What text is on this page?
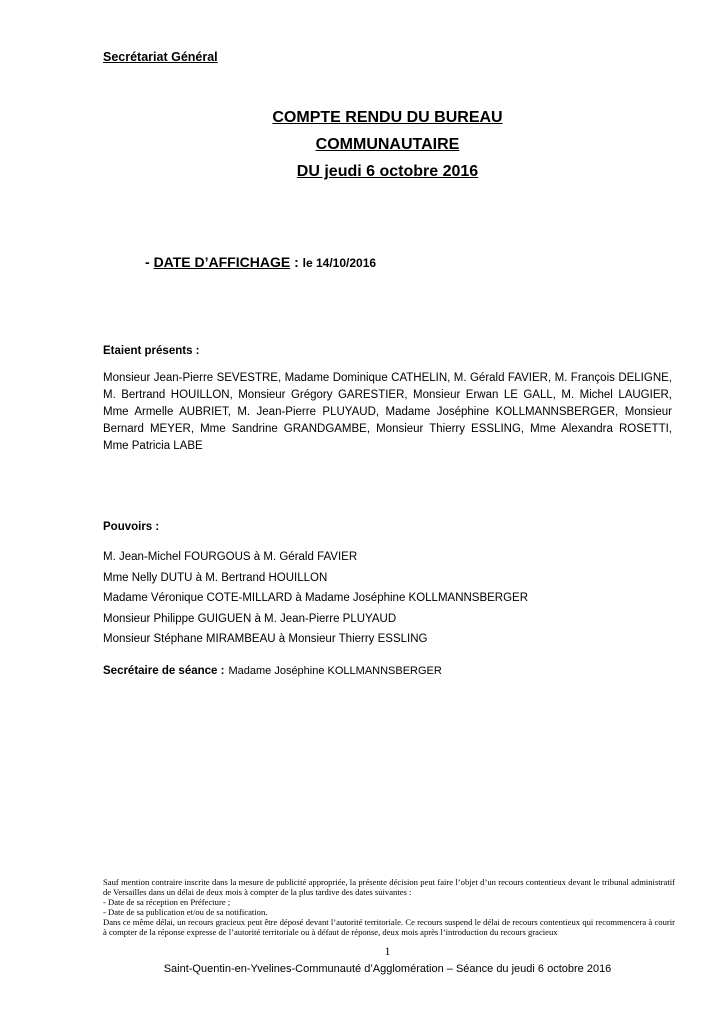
Secrétariat Général
COMPTE RENDU DU BUREAU
COMMUNAUTAIRE
DU jeudi 6 octobre 2016
- DATE D’AFFICHAGE : le 14/10/2016
Etaient présents :
Monsieur Jean-Pierre SEVESTRE, Madame Dominique CATHELIN, M. Gérald FAVIER, M. François DELIGNE, M. Bertrand HOUILLON, Monsieur Grégory GARESTIER, Monsieur Erwan LE GALL, M. Michel LAUGIER, Mme Armelle AUBRIET, M. Jean-Pierre PLUYAUD, Madame Joséphine KOLLMANNSBERGER, Monsieur Bernard MEYER, Mme Sandrine GRANDGAMBE, Monsieur Thierry ESSLING, Mme Alexandra ROSETTI, Mme Patricia LABE
Pouvoirs :
M. Jean-Michel FOURGOUS à M. Gérald FAVIER
Mme Nelly DUTU à M. Bertrand HOUILLON
Madame Véronique COTE-MILLARD à Madame Joséphine KOLLMANNSBERGER
Monsieur Philippe GUIGUEN à M. Jean-Pierre PLUYAUD
Monsieur Stéphane MIRAMBEAU à Monsieur Thierry ESSLING
Secrétaire de séance : Madame Joséphine KOLLMANNSBERGER
Sauf mention contraire inscrite dans la mesure de publicité appropriée, la présente décision peut faire l’objet d’un recours contentieux devant le tribunal administratif de Versailles dans un délai de deux mois à compter de la plus tardive des dates suivantes :
- Date de sa réception en Préfecture ;
- Date de sa publication et/ou de sa notification.
Dans ce même délai, un recours gracieux peut être déposé devant l’autorité territoriale. Ce recours suspend le délai de recours contentieux qui recommencera à courir à compter de la réponse expresse de l’autorité territoriale ou à défaut de réponse, deux mois après l’introduction du recours gracieux
1
Saint-Quentin-en-Yvelines-Communauté d’Agglomération – Séance du jeudi 6 octobre 2016
